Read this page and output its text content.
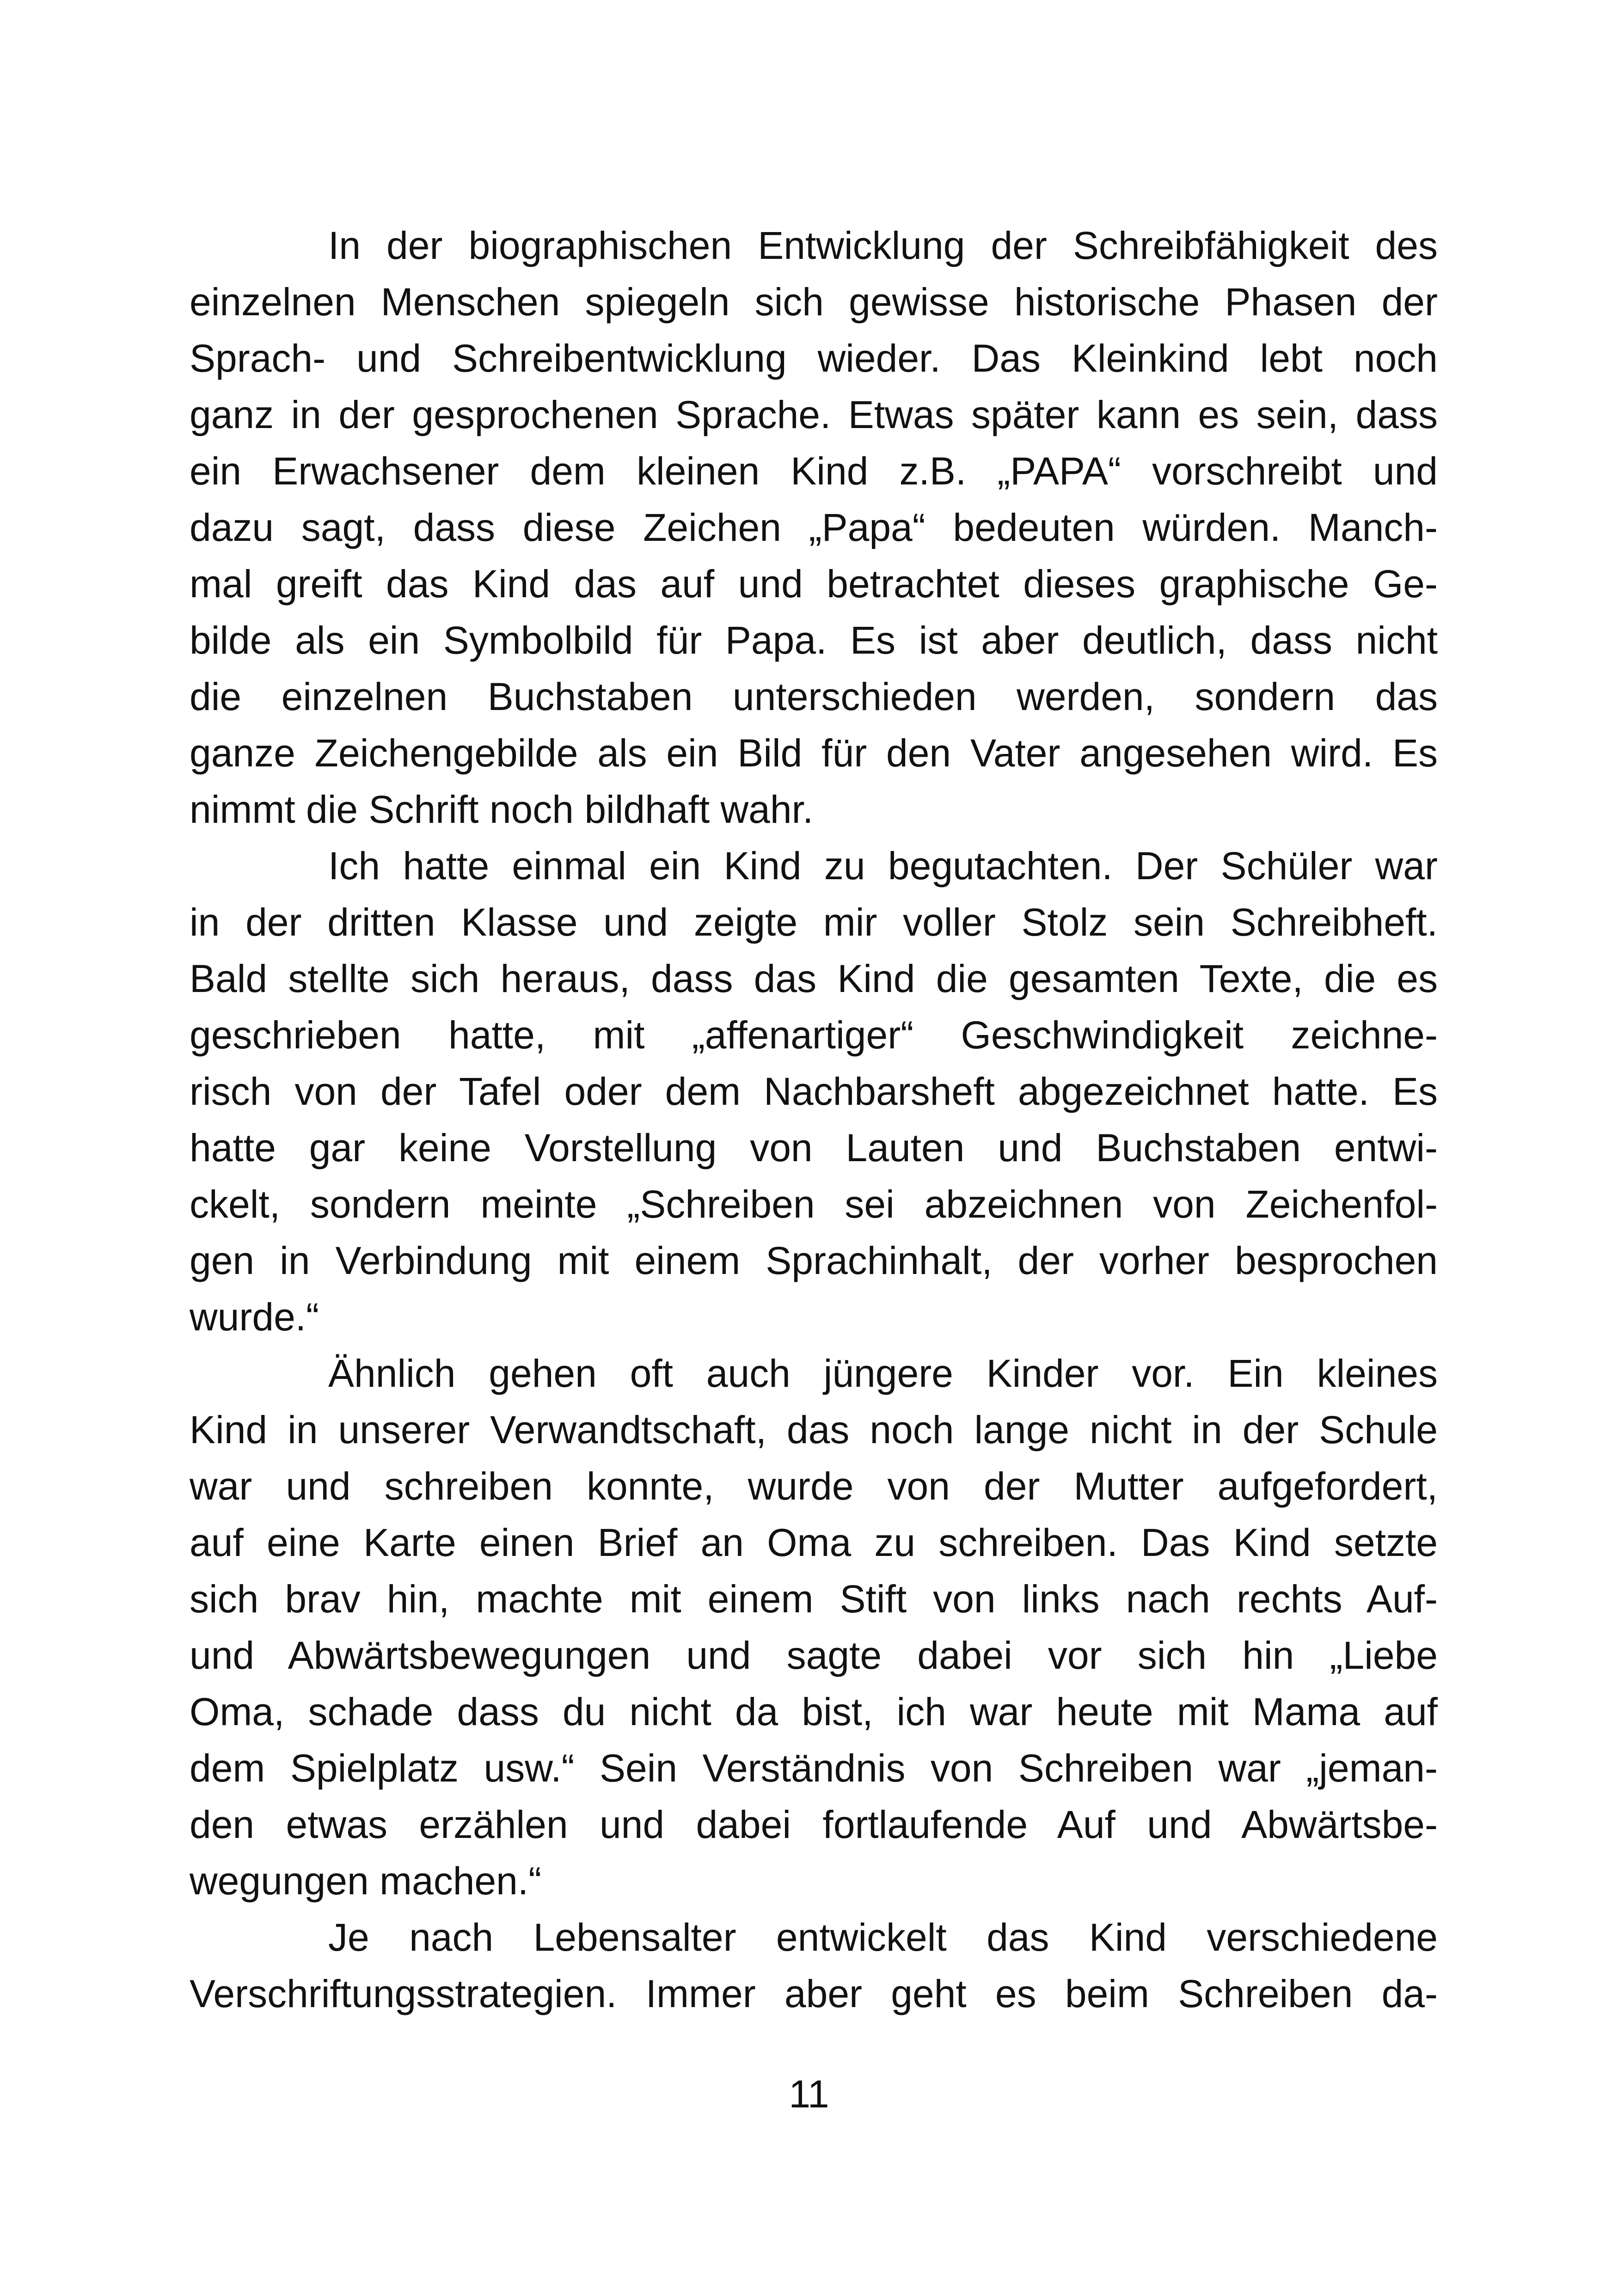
In der biographischen Entwicklung der Schreibfähigkeit des
einzelnen Menschen spiegeln sich gewisse historische Phasen der
Sprach- und Schreibentwicklung wieder. Das Kleinkind lebt noch
ganz in der gesprochenen Sprache. Etwas später kann es sein, dass
ein Erwachsener dem kleinen Kind z.B. „PAPA“ vorschreibt und
dazu sagt, dass diese Zeichen „Papa“ bedeuten würden. Manch-
mal greift das Kind das auf und betrachtet dieses graphische Ge-
bilde als ein Symbolbild für Papa. Es ist aber deutlich, dass nicht
die einzelnen Buchstaben unterschieden werden, sondern das
ganze Zeichengebilde als ein Bild für den Vater angesehen wird. Es
nimmt die Schrift noch bildhaft wahr.
Ich hatte einmal ein Kind zu begutachten. Der Schüler war
in der dritten Klasse und zeigte mir voller Stolz sein Schreibheft.
Bald stellte sich heraus, dass das Kind die gesamten Texte, die es
geschrieben hatte, mit „affenartiger“ Geschwindigkeit zeichne-
risch von der Tafel oder dem Nachbarsheft abgezeichnet hatte. Es
hatte gar keine Vorstellung von Lauten und Buchstaben entwi-
ckelt, sondern meinte „Schreiben sei abzeichnen von Zeichenfol-
gen in Verbindung mit einem Sprachinhalt, der vorher besprochen
wurde.“
Ähnlich gehen oft auch jüngere Kinder vor. Ein kleines
Kind in unserer Verwandtschaft, das noch lange nicht in der Schule
war und schreiben konnte, wurde von der Mutter aufgefordert,
auf eine Karte einen Brief an Oma zu schreiben. Das Kind setzte
sich brav hin, machte mit einem Stift von links nach rechts Auf-
und Abwärtsbewegungen und sagte dabei vor sich hin „Liebe
Oma, schade dass du nicht da bist, ich war heute mit Mama auf
dem Spielplatz usw.“ Sein Verständnis von Schreiben war „jeman-
den etwas erzählen und dabei fortlaufende Auf und Abwärtsbe-
wegungen machen.“
Je nach Lebensalter entwickelt das Kind verschiedene
Verschriftungsstrategien. Immer aber geht es beim Schreiben da-
11
